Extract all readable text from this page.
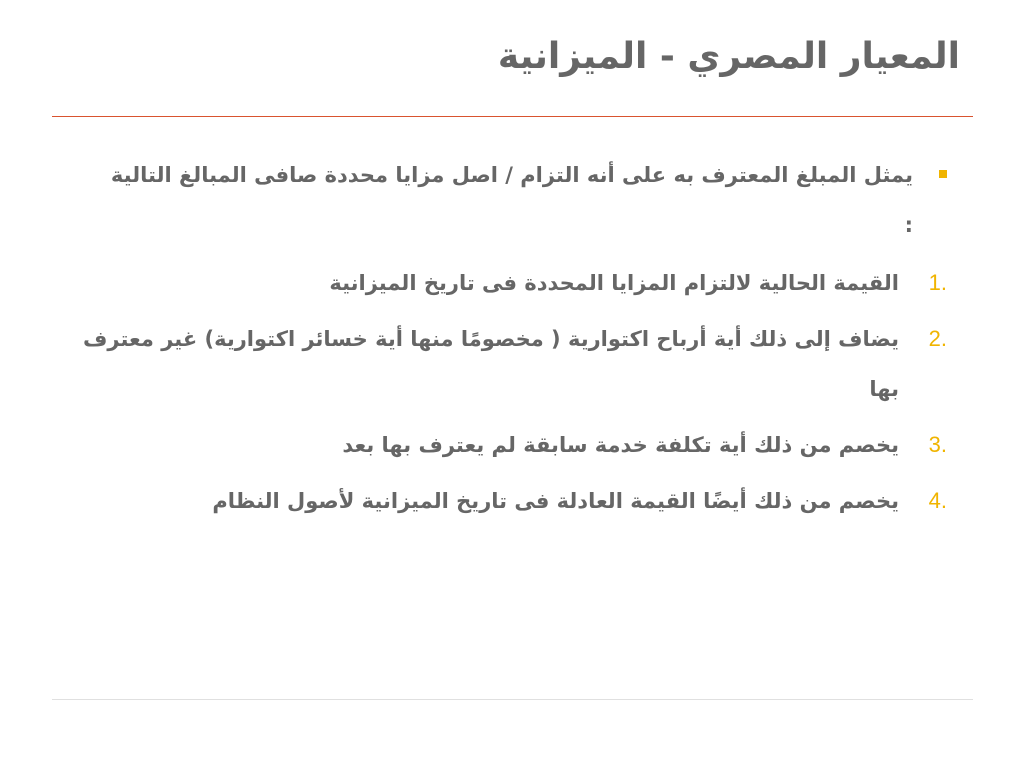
المعيار المصري - الميزانية

يمثل المبلغ المعترف به على أنه التزام / اصل مزايا محددة صافى المبالغ التالية :

1.
القيمة الحالية لالتزام المزايا المحددة فى تاريخ الميزانية

2.
يضاف إلى ذلك أية أرباح اكتوارية ( مخصومًا منها أية خسائر اكتوارية) غير معترف بها

3.
يخصم من ذلك أية تكلفة خدمة سابقة لم يعترف بها بعد

4.
يخصم من ذلك أيضًا القيمة العادلة فى تاريخ الميزانية لأصول النظام
